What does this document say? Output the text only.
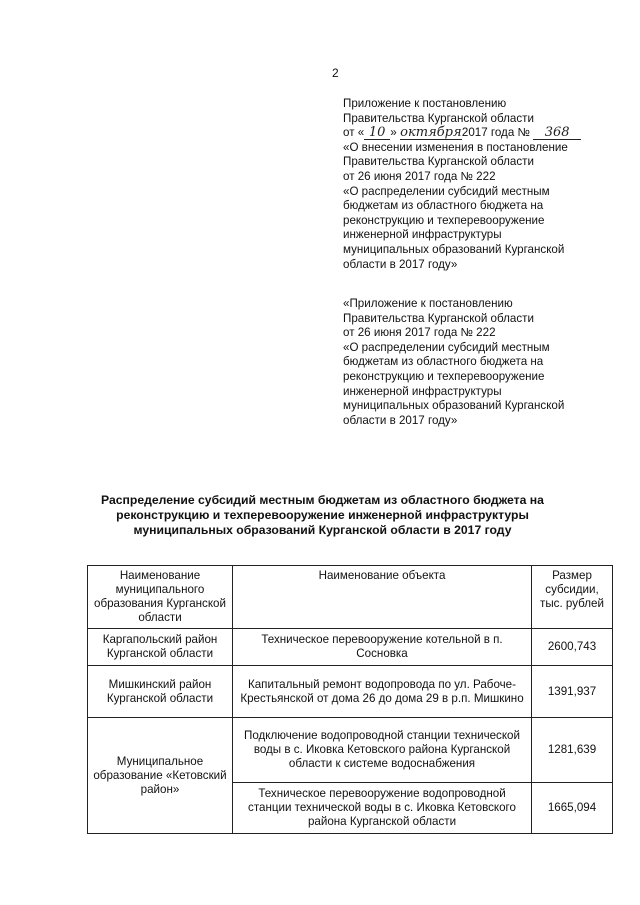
2
Приложение к постановлению
Правительства Курганской области
от « 10 » октября2017 года № 368
«О внесении изменения в постановление
Правительства Курганской области
от 26 июня 2017 года № 222
«О распределении субсидий местным
бюджетам из областного бюджета на
реконструкцию и техперевооружение
инженерной инфраструктуры
муниципальных образований Курганской
области в 2017 году»
«Приложение к постановлению
Правительства Курганской области
от 26 июня 2017 года № 222
«О распределении субсидий местным
бюджетам из областного бюджета на
реконструкцию и техперевооружение
инженерной инфраструктуры
муниципальных образований Курганской
области в 2017 году»
Распределение субсидий местным бюджетам из областного бюджета на
реконструкцию и техперевооружение инженерной инфраструктуры
муниципальных образований Курганской области в 2017 году
Наименование муниципального образования Курганской области	Наименование объекта	Размер субсидии, тыс. рублей
Каргапольский район Курганской области	Техническое перевооружение котельной в п. Сосновка	2600,743
Мишкинский район Курганской области	Капитальный ремонт водопровода по ул. Рабоче-Крестьянской от дома 26 до дома 29 в р.п. Мишкино	1391,937
Муниципальное образование «Кетовский район»	Подключение водопроводной станции технической воды в с. Иковка Кетовского района Курганской области к системе водоснабжения	1281,639
	Техническое перевооружение водопроводной станции технической воды в с. Иковка Кетовского района Курганской области	1665,094
